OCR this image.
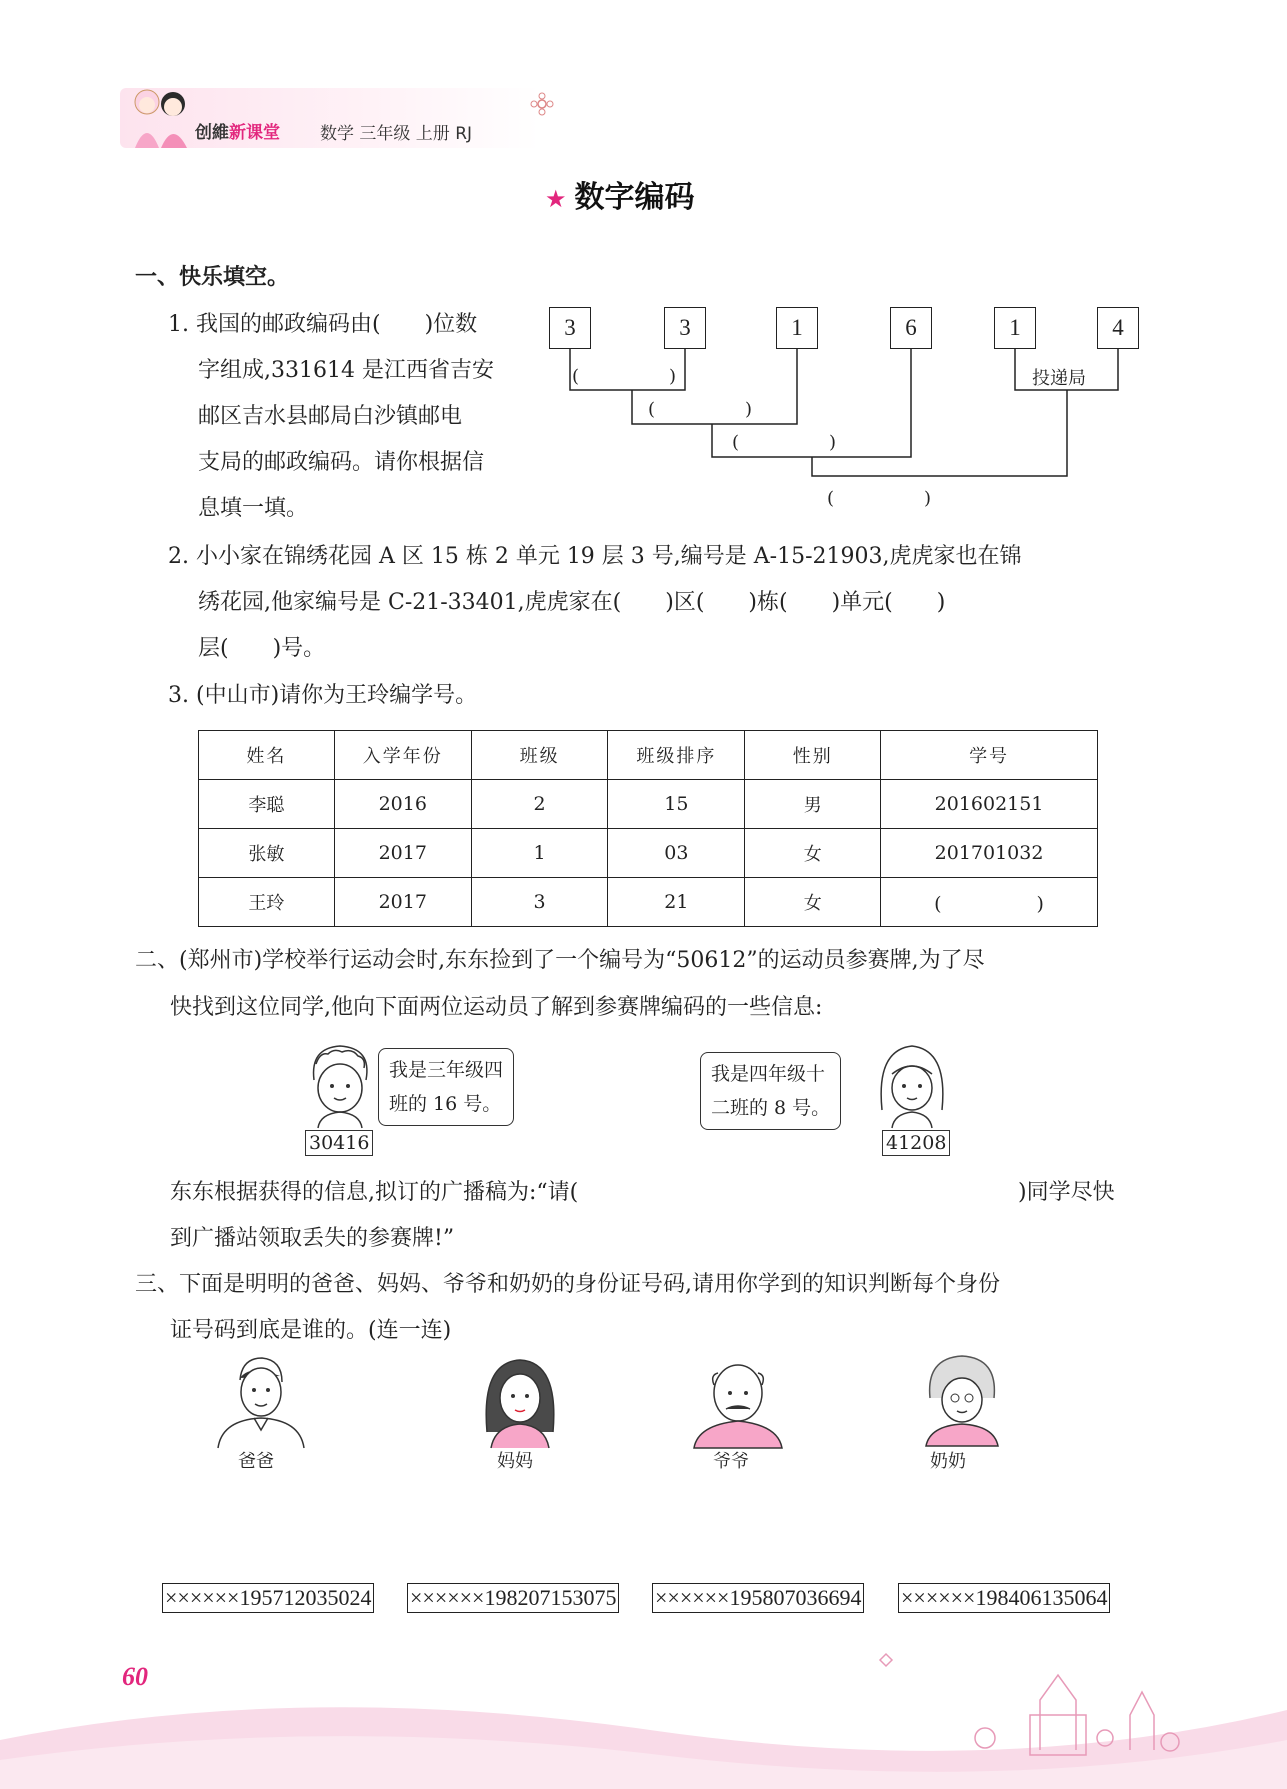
创維新课堂 数学 三年级 上册 RJ
★ 数字编码
一、快乐填空。
1. 我国的邮政编码由(　　)位数
字组成,331614 是江西省吉安
邮区吉水县邮局白沙镇邮电
支局的邮政编码。请你根据信
息填一填。
3	3	1	6	1	4
(　　　　　)
(　　　　　)
(　　　　　)
投递局
(　　　　　)
2. 小小家在锦绣花园 A 区 15 栋 2 单元 19 层 3 号,编号是 A-15-21903,虎虎家也在锦
绣花园,他家编号是 C-21-33401,虎虎家在(　　)区(　　)栋(　　)单元(　　)
层(　　)号。
3. (中山市)请你为王玲编学号。
姓名	入学年份	班级	班级排序	性别	学号
李聪	2016	2	15	男	201602151
张敏	2017	1	03	女	201701032
王玲	2017	3	21	女	(　　　　　)
二、(郑州市)学校举行运动会时,东东捡到了一个编号为“50612”的运动员参赛牌,为了尽
快找到这位同学,他向下面两位运动员了解到参赛牌编码的一些信息:
我是三年级四
班的 16 号。
30416
我是四年级十
二班的 8 号。
41208
东东根据获得的信息,拟订的广播稿为:“请(	)同学尽快
到广播站领取丢失的参赛牌!”
三、下面是明明的爸爸、妈妈、爷爷和奶奶的身份证号码,请用你学到的知识判断每个身份
证号码到底是谁的。(连一连)
爸爸	妈妈	爷爷	奶奶
××××××195712035024 ××××××198207153075 ××××××195807036694 ××××××198406135064
60
